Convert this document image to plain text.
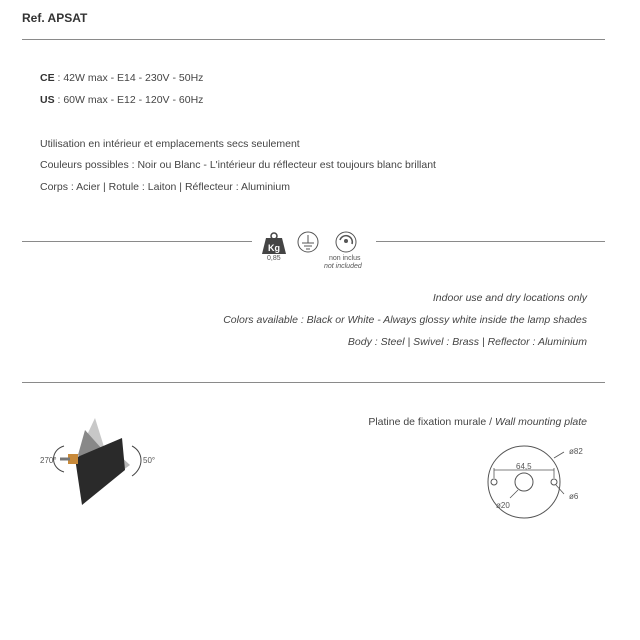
Ref. APSAT
CE : 42W max - E14 - 230V - 50Hz
US : 60W max - E12 - 120V - 60Hz
Utilisation en intérieur et emplacements secs seulement
Couleurs possibles : Noir ou Blanc - L'intérieur du réflecteur est toujours blanc brillant
Corps : Acier | Rotule : Laiton | Réflecteur : Aluminium
Kg
0,85	non inclus
not included
Indoor use and dry locations only
Colors available : Black or White - Always glossy white inside the lamp shades
Body : Steel | Swivel : Brass | Reflector : Aluminium
270°	50°
Platine de fixation murale / Wall mounting plate
64,5
ø82
ø20
ø6
